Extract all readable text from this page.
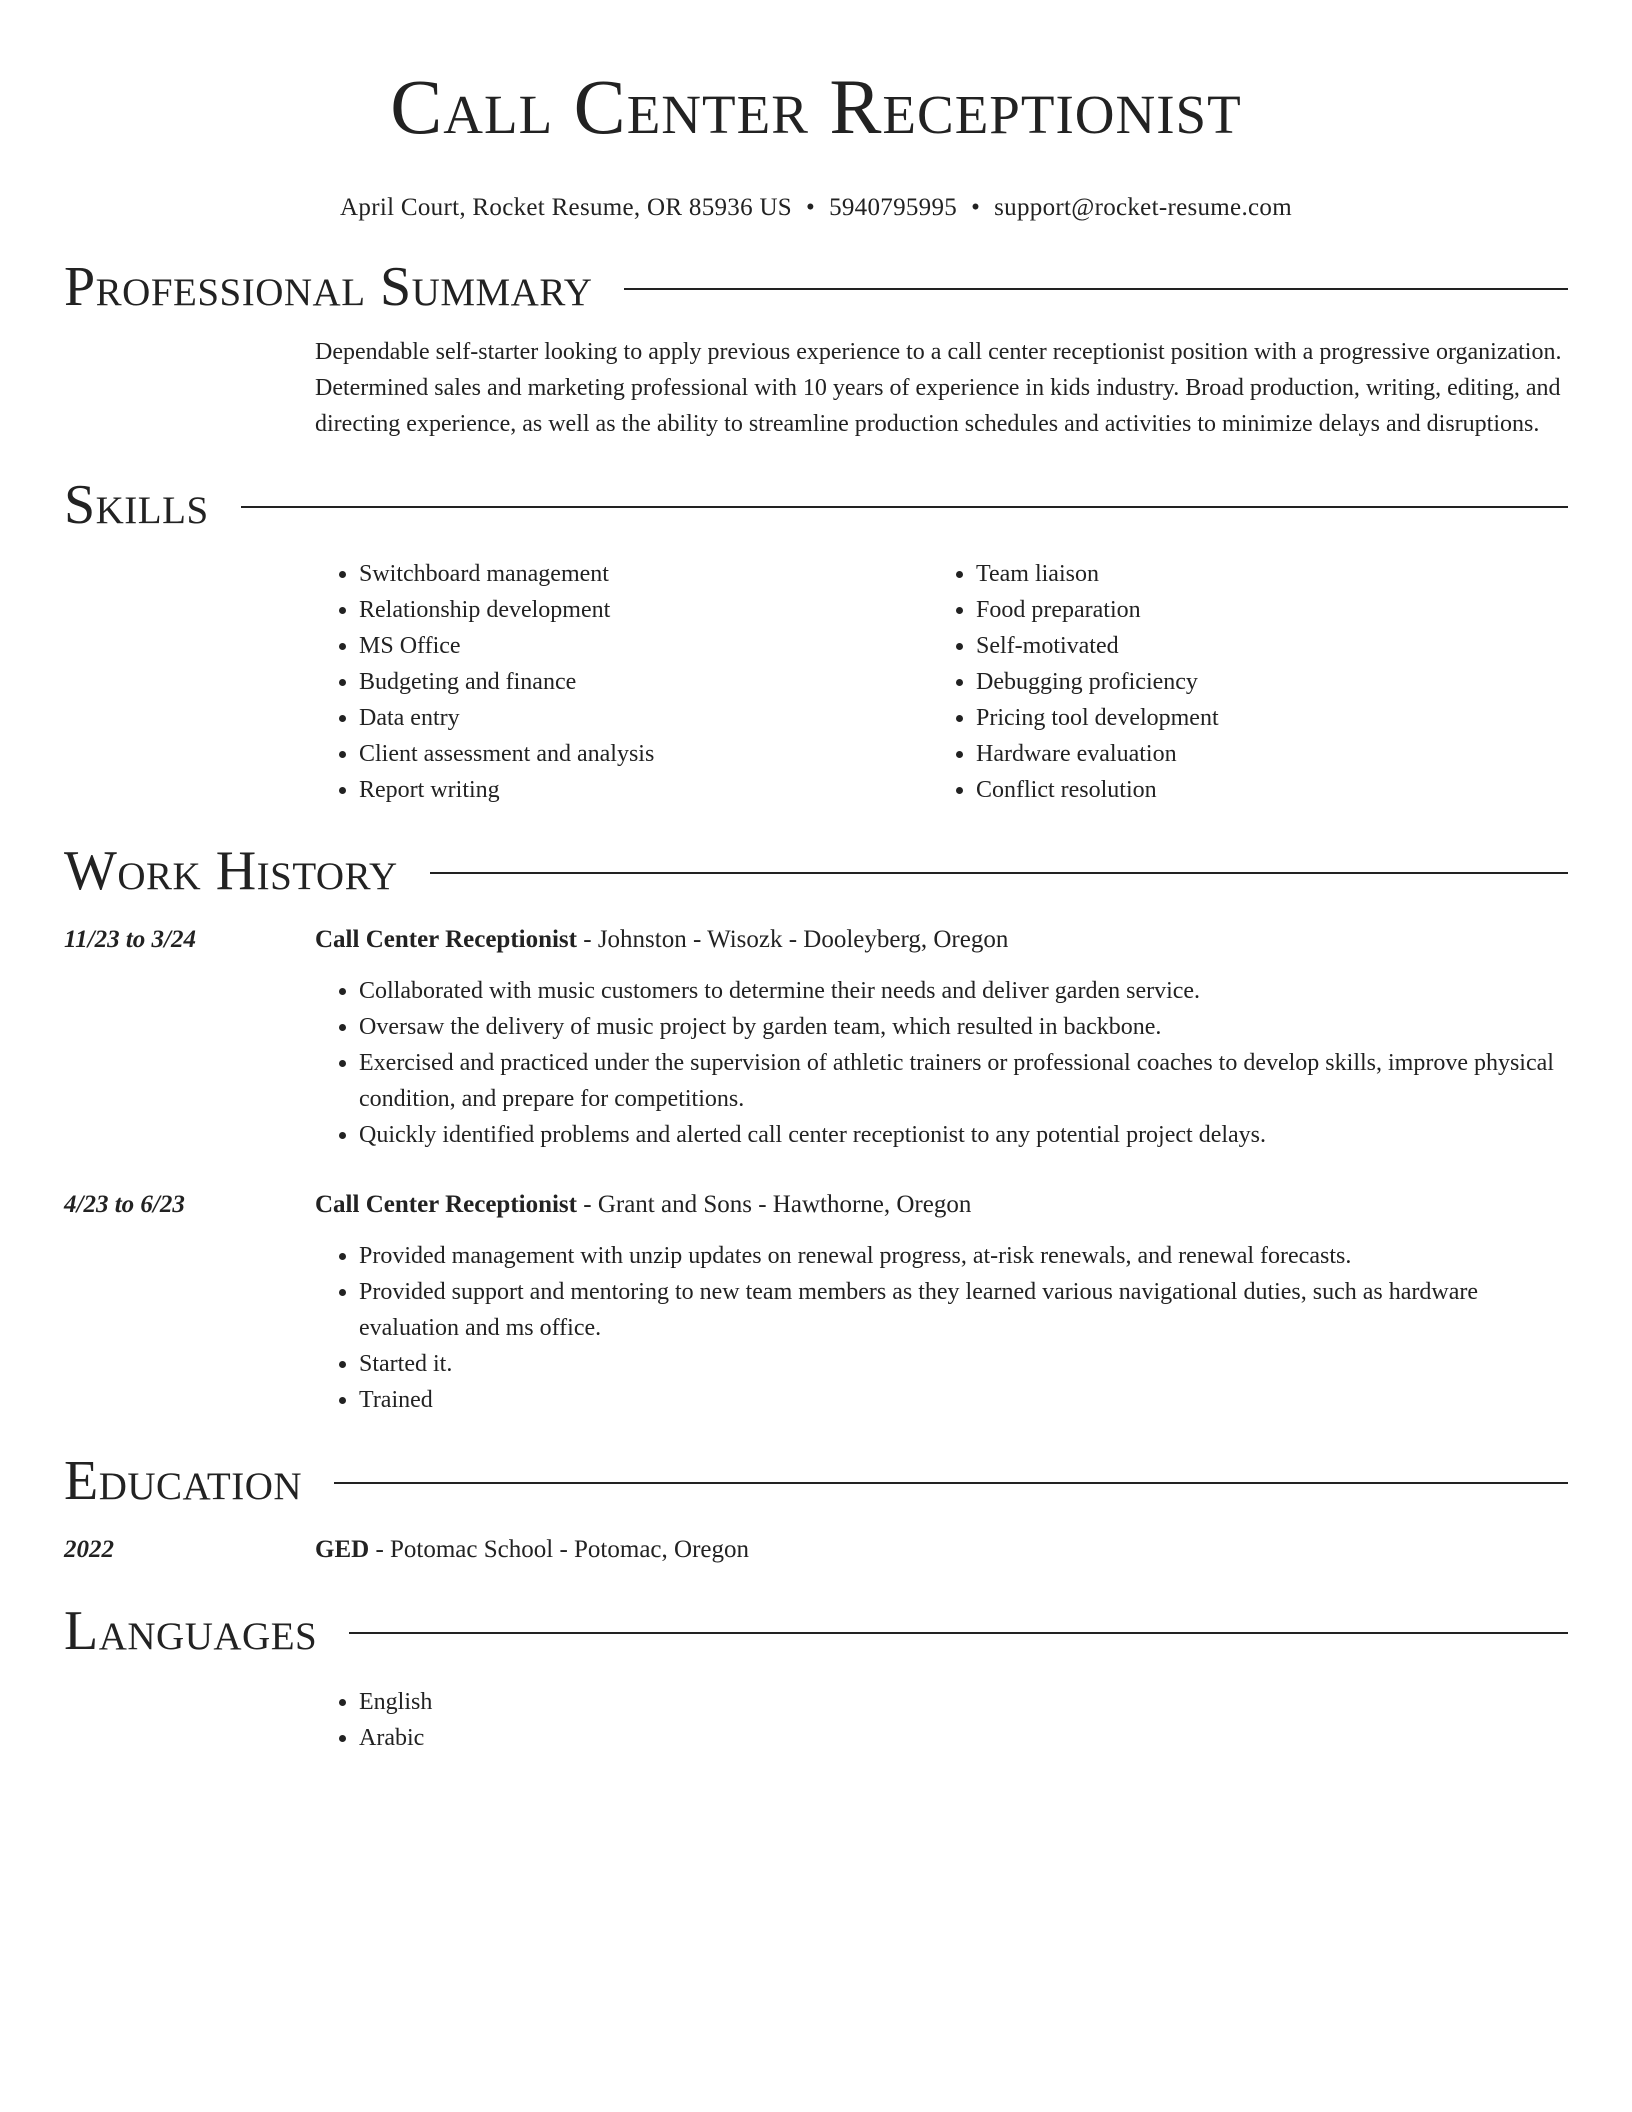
Call Center Receptionist
April Court, Rocket Resume, OR 85936 US • 5940795995 • support@rocket-resume.com
Professional Summary
Dependable self-starter looking to apply previous experience to a call center receptionist position with a progressive organization. Determined sales and marketing professional with 10 years of experience in kids industry. Broad production, writing, editing, and directing experience, as well as the ability to streamline production schedules and activities to minimize delays and disruptions.
Skills
• Switchboard management
• Relationship development
• MS Office
• Budgeting and finance
• Data entry
• Client assessment and analysis
• Report writing
• Team liaison
• Food preparation
• Self-motivated
• Debugging proficiency
• Pricing tool development
• Hardware evaluation
• Conflict resolution
Work History
11/23 to 3/24	Call Center Receptionist - Johnston - Wisozk - Dooleyberg, Oregon
• Collaborated with music customers to determine their needs and deliver garden service.
• Oversaw the delivery of music project by garden team, which resulted in backbone.
• Exercised and practiced under the supervision of athletic trainers or professional coaches to develop skills, improve physical condition, and prepare for competitions.
• Quickly identified problems and alerted call center receptionist to any potential project delays.
4/23 to 6/23	Call Center Receptionist - Grant and Sons - Hawthorne, Oregon
• Provided management with unzip updates on renewal progress, at-risk renewals, and renewal forecasts.
• Provided support and mentoring to new team members as they learned various navigational duties, such as hardware evaluation and ms office.
• Started it.
• Trained
Education
2022	GED - Potomac School - Potomac, Oregon
Languages
• English
• Arabic
